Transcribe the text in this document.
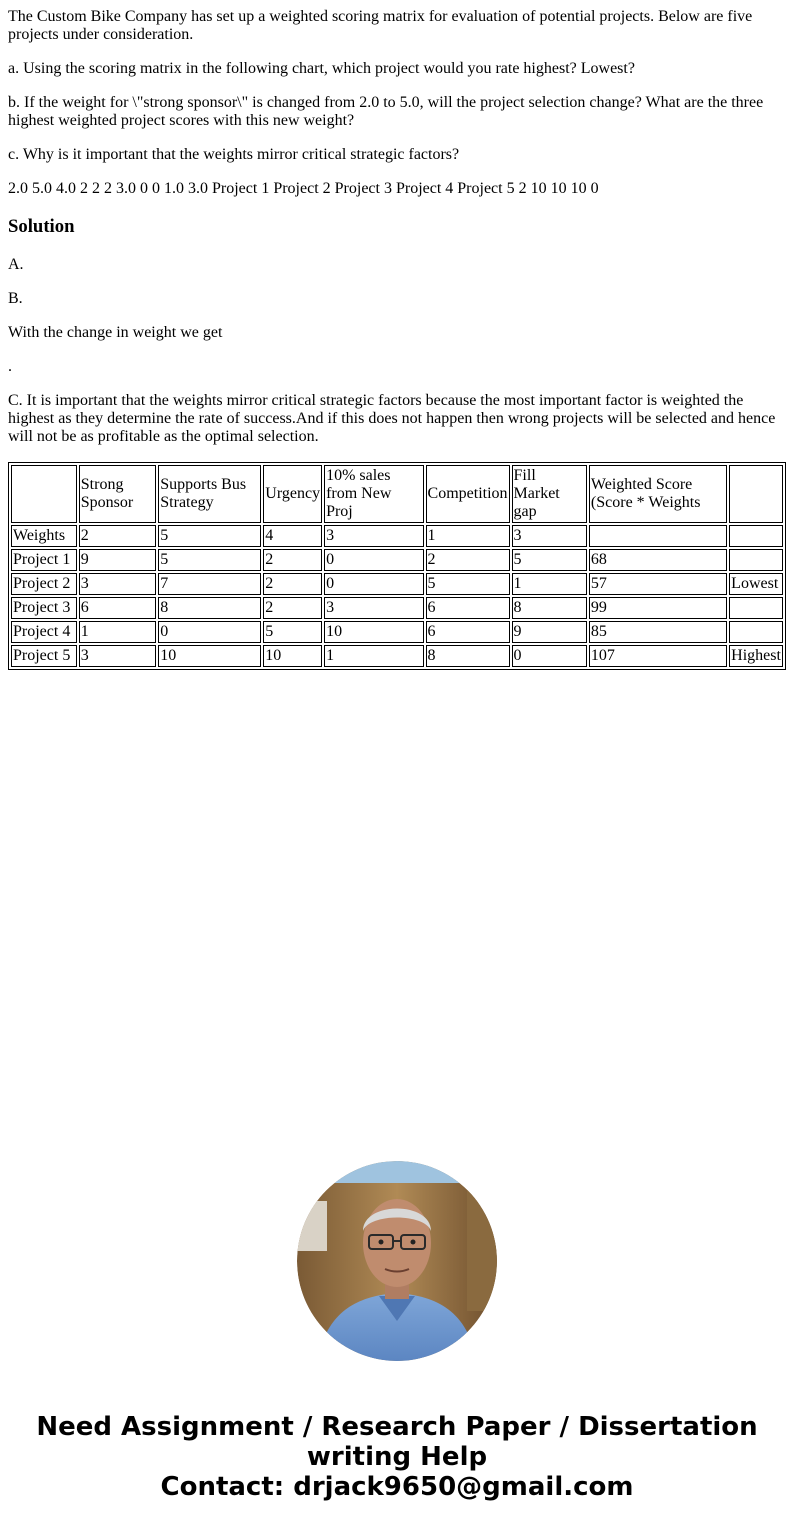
The Custom Bike Company has set up a weighted scoring matrix for evaluation of potential projects. Below are five projects under consideration.

a. Using the scoring matrix in the following chart, which project would you rate highest? Lowest?

b. If the weight for \"strong sponsor\" is changed from 2.0 to 5.0, will the project selection change? What are the three highest weighted project scores with this new weight?

c. Why is it important that the weights mirror critical strategic factors?

2.0 5.0 4.0 2 2 2 3.0 0 0 1.0 3.0 Project 1 Project 2 Project 3 Project 4 Project 5 2 10 10 10 0

Solution

A.

B.

With the change in weight we get

.

C. It is important that the weights mirror critical strategic factors because the most important factor is weighted the highest as they determine the rate of success.And if this does not happen then wrong projects will be selected and hence will not be as profitable as the optimal selection.

	Strong Sponsor	Supports Bus Strategy	Urgency	10% sales from New Proj	Competition	Fill Market gap	Weighted Score (Score * Weights	
Weights	2	5	4	3	1	3		
Project 1	9	5	2	0	2	5	68	
Project 2	3	7	2	0	5	1	57	Lowest
Project 3	6	8	2	3	6	8	99	
Project 4	1	0	5	10	6	9	85	
Project 5	3	10	10	1	8	0	107	Highest
Need Assignment / Research Paper / Dissertation
writing Help
Contact: drjack9650@gmail.com
